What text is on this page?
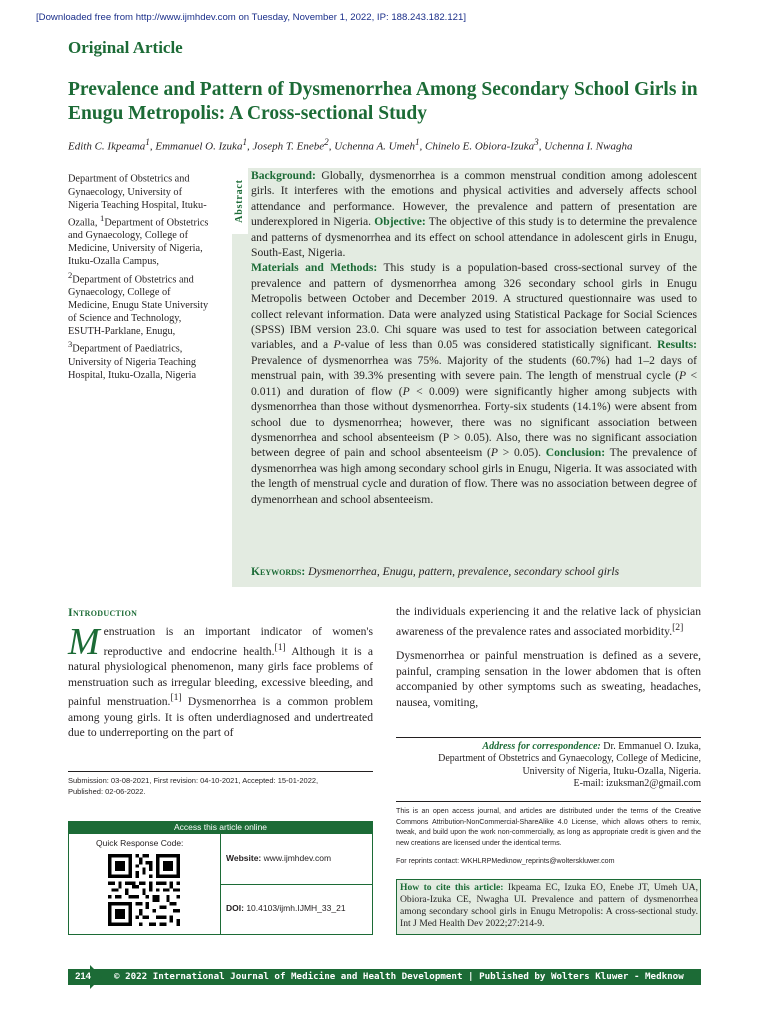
[Downloaded free from http://www.ijmhdev.com on Tuesday, November 1, 2022, IP: 188.243.182.121]
Original Article
Prevalence and Pattern of Dysmenorrhea Among Secondary School Girls in Enugu Metropolis: A Cross-sectional Study
Edith C. Ikpeama$^1$, Emmanuel O. Izuka$^1$, Joseph T. Enebe$^2$, Uchenna A. Umeh$^1$, Chinelo E. Obiora-Izuka$^3$, Uchenna I. Nwagha
Department of Obstetrics and Gynaecology, University of Nigeria Teaching Hospital, Ituku-Ozalla, $^1$Department of Obstetrics and Gynaecology, College of Medicine, University of Nigeria, Ituku-Ozalla Campus, $^2$Department of Obstetrics and Gynaecology, College of Medicine, Enugu State University of Science and Technology, ESUTH-Parklane, Enugu, $^3$Department of Paediatrics, University of Nigeria Teaching Hospital, Ituku-Ozalla, Nigeria
Abstract
Background: Globally, dysmenorrhea is a common menstrual condition among adolescent girls. It interferes with the emotions and physical activities and adversely affects school attendance and performance. However, the prevalence and pattern of presentation are underexplored in Nigeria. Objective: The objective of this study is to determine the prevalence and patterns of dysmenorrhea and its effect on school attendance in adolescent girls in Enugu, South-East, Nigeria.
Materials and Methods: This study is a population-based cross-sectional survey of the prevalence and pattern of dysmenorrhea among 326 secondary school girls in Enugu Metropolis between October and December 2019. A structured questionnaire was used to collect relevant information. Data were analyzed using Statistical Package for Social Sciences (SPSS) IBM version 23.0. Chi square was used to test for association between categorical variables, and a P-value of less than 0.05 was considered statistically significant. Results: Prevalence of dysmenorrhea was 75%. Majority of the students (60.7%) had 1–2 days of menstrual pain, with 39.3% presenting with severe pain. The length of menstrual cycle (P < 0.011) and duration of flow (P < 0.009) were significantly higher among subjects with dysmenorrhea than those without dysmenorrhea. Forty-six students (14.1%) were absent from school due to dysmenorrhea; however, there was no significant association between dysmenorrhea and school absenteeism (P > 0.05). Also, there was no significant association between degree of pain and school absenteeism (P > 0.05). Conclusion: The prevalence of dysmenorrhea was high among secondary school girls in Enugu, Nigeria. It was associated with the length of menstrual cycle and duration of flow. There was no association between degree of dymenorrhean and school absenteeism.
Keywords: Dysmenorrhea, Enugu, pattern, prevalence, secondary school girls
Introduction
Menstruation is an important indicator of women's reproductive and endocrine health.[1] Although it is a natural physiological phenomenon, many girls face problems of menstruation such as irregular bleeding, excessive bleeding, and painful menstruation.[1] Dysmenorrhea is a common problem among young girls. It is often underdiagnosed and undertreated due to underreporting on the part of

the individuals experiencing it and the relative lack of physician awareness of the prevalence rates and associated morbidity.[2]

Dysmenorrhea or painful menstruation is defined as a severe, painful, cramping sensation in the lower abdomen that is often accompanied by other symptoms such as sweating, headaches, nausea, vomiting,

Address for correspondence: Dr. Emmanuel O. Izuka,
Department of Obstetrics and Gynaecology, College of Medicine,
University of Nigeria, Ituku-Ozalla, Nigeria.
E-mail: izuksman2@gmail.com
Submission: 03-08-2021, First revision: 04-10-2021, Accepted: 15-01-2022,
Published: 02-06-2022.
Access this article online
Quick Response Code:
Website: www.ijmhdev.com
DOI: 10.4103/ijmh.IJMH_33_21
This is an open access journal, and articles are distributed under the terms of the Creative Commons Attribution-NonCommercial-ShareAlike 4.0 License, which allows others to remix, tweak, and build upon the work non-commercially, as long as appropriate credit is given and the new creations are licensed under the identical terms.
For reprints contact: WKHLRPMedknow_reprints@wolterskluwer.com
How to cite this article: Ikpeama EC, Izuka EO, Enebe JT, Umeh UA, Obiora-Izuka CE, Nwagha UI. Prevalence and pattern of dysmenorrhea among secondary school girls in Enugu Metropolis: A cross-sectional study. Int J Med Health Dev 2022;27:214-9.
214	© 2022 International Journal of Medicine and Health Development | Published by Wolters Kluwer - Medknow
